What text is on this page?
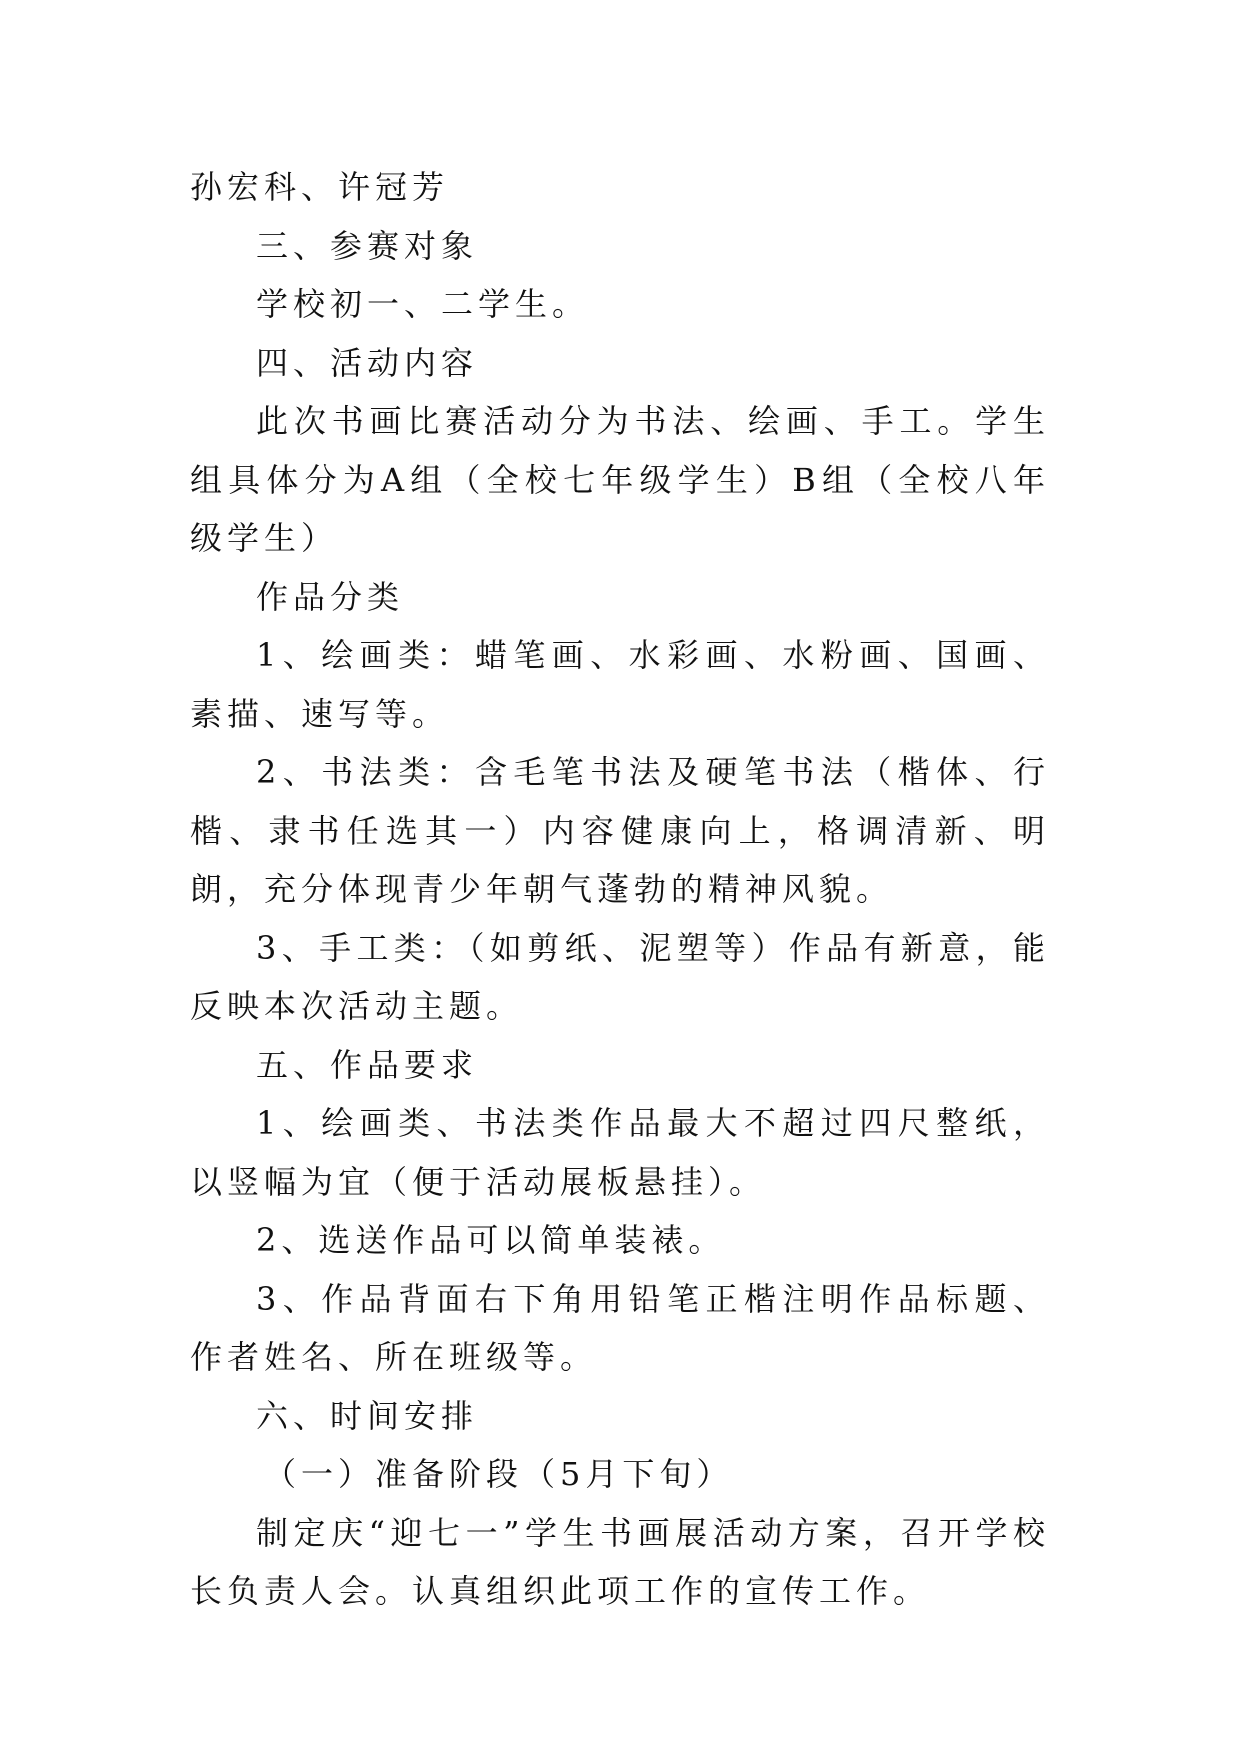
孙宏科、许冠芳

三、参赛对象

学校初一、二学生。

四、活动内容

此次书画比赛活动分为书法、绘画、手工。学生组具体分为A组（全校七年级学生）B组（全校八年级学生）

作品分类

1、绘画类：蜡笔画、水彩画、水粉画、国画、素描、速写等。

2、书法类：含毛笔书法及硬笔书法（楷体、行楷、隶书任选其一）内容健康向上，格调清新、明朗，充分体现青少年朝气蓬勃的精神风貌。

3、手工类：（如剪纸、泥塑等）作品有新意，能反映本次活动主题。

五、作品要求

1、绘画类、书法类作品最大不超过四尺整纸，以竖幅为宜（便于活动展板悬挂）。

2、选送作品可以简单装裱。

3、作品背面右下角用铅笔正楷注明作品标题、作者姓名、所在班级等。

六、时间安排

（一）准备阶段（5月下旬）

制定庆“迎七一”学生书画展活动方案，召开学校长负责人会。认真组织此项工作的宣传工作。
